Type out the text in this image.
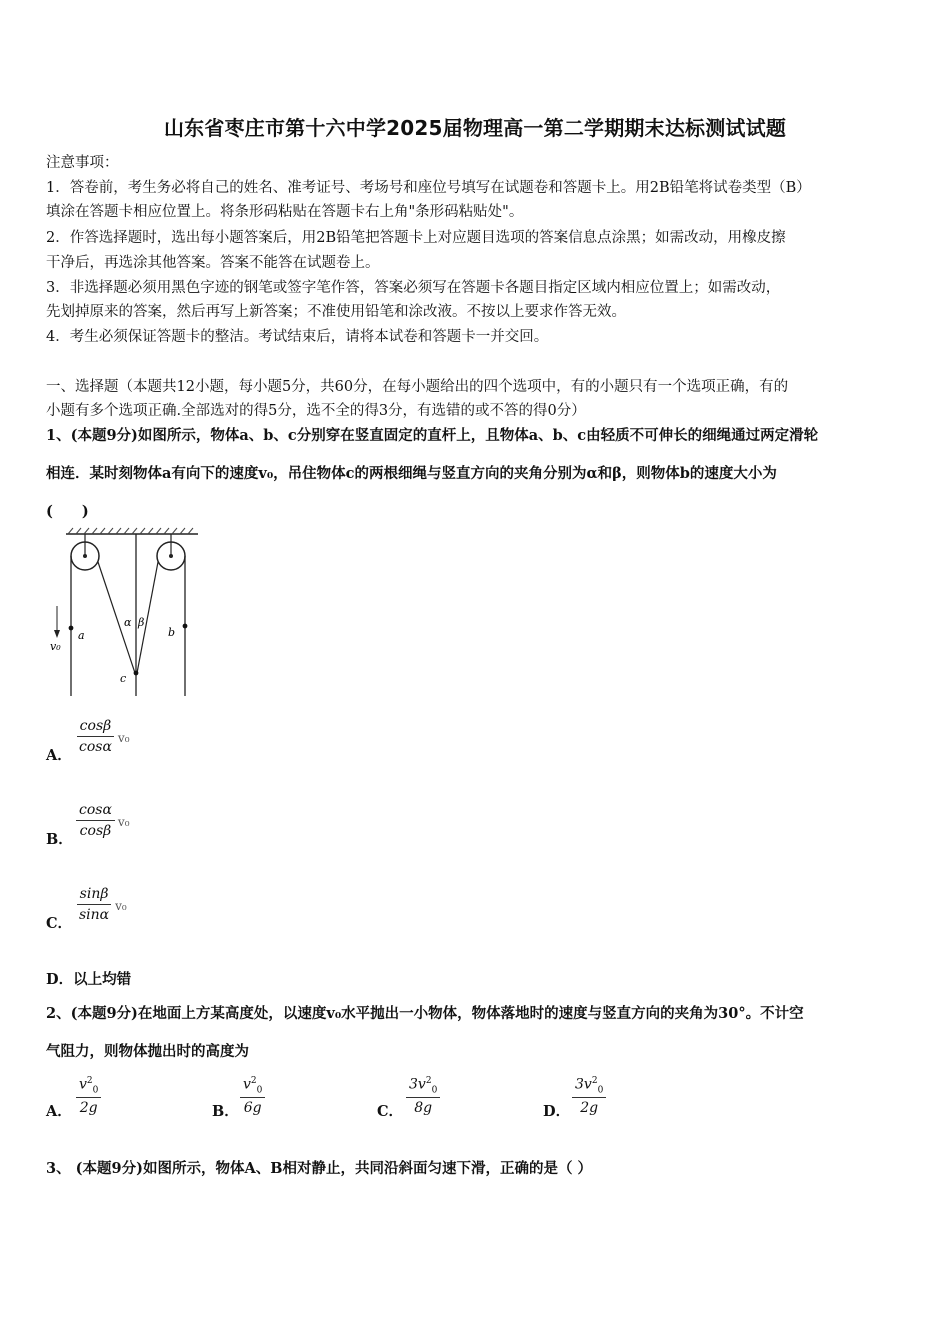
山东省枣庄市第十六中学2025届物理高一第二学期期末达标测试试题
注意事项：
1．答卷前，考生务必将自己的姓名、准考证号、考场号和座位号填写在试题卷和答题卡上。用2B铅笔将试卷类型（B）
填涂在答题卡相应位置上。将条形码粘贴在答题卡右上角"条形码粘贴处"。
2．作答选择题时，选出每小题答案后，用2B铅笔把答题卡上对应题目选项的答案信息点涂黑；如需改动，用橡皮擦
干净后，再选涂其他答案。答案不能答在试题卷上。
3．非选择题必须用黑色字迹的钢笔或签字笔作答，答案必须写在答题卡各题目指定区域内相应位置上；如需改动，
先划掉原来的答案，然后再写上新答案；不准使用铅笔和涂改液。不按以上要求作答无效。
4．考生必须保证答题卡的整洁。考试结束后，请将本试卷和答题卡一并交回。
一、选择题（本题共12小题，每小题5分，共60分，在每小题给出的四个选项中，有的小题只有一个选项正确，有的
小题有多个选项正确.全部选对的得5分，选不全的得3分，有选错的或不答的得0分）
1、(本题9分)如图所示，物体a、b、c分别穿在竖直固定的直杆上，且物体a、b、c由轻质不可伸长的细绳通过两定滑轮
相连．某时刻物体a有向下的速度v₀，吊住物体c的两根细绳与竖直方向的夹角分别为α和β，则物体b的速度大小为
(　　)
v₀
a	b
c
α β
A．
$\frac{\cos\beta}{\cos\alpha} v_0$
B．
$\frac{\cos\alpha}{\cos\beta} v_0$
C．
$\frac{\sin\beta}{\sin\alpha} v_0$
D．以上均错
2、(本题9分)在地面上方某高度处，以速度v₀水平抛出一小物体，物体落地时的速度与竖直方向的夹角为30°。不计空
气阻力，则物体抛出时的高度为
A． $\frac{v^2_0}{2g}$	B． $\frac{v^2_0}{6g}$	C． $\frac{3v^2_0}{8g}$	D． $\frac{3v^2_0}{2g}$
3、 (本题9分)如图所示，物体A、B相对静止，共同沿斜面匀速下滑，正确的是（ ）
